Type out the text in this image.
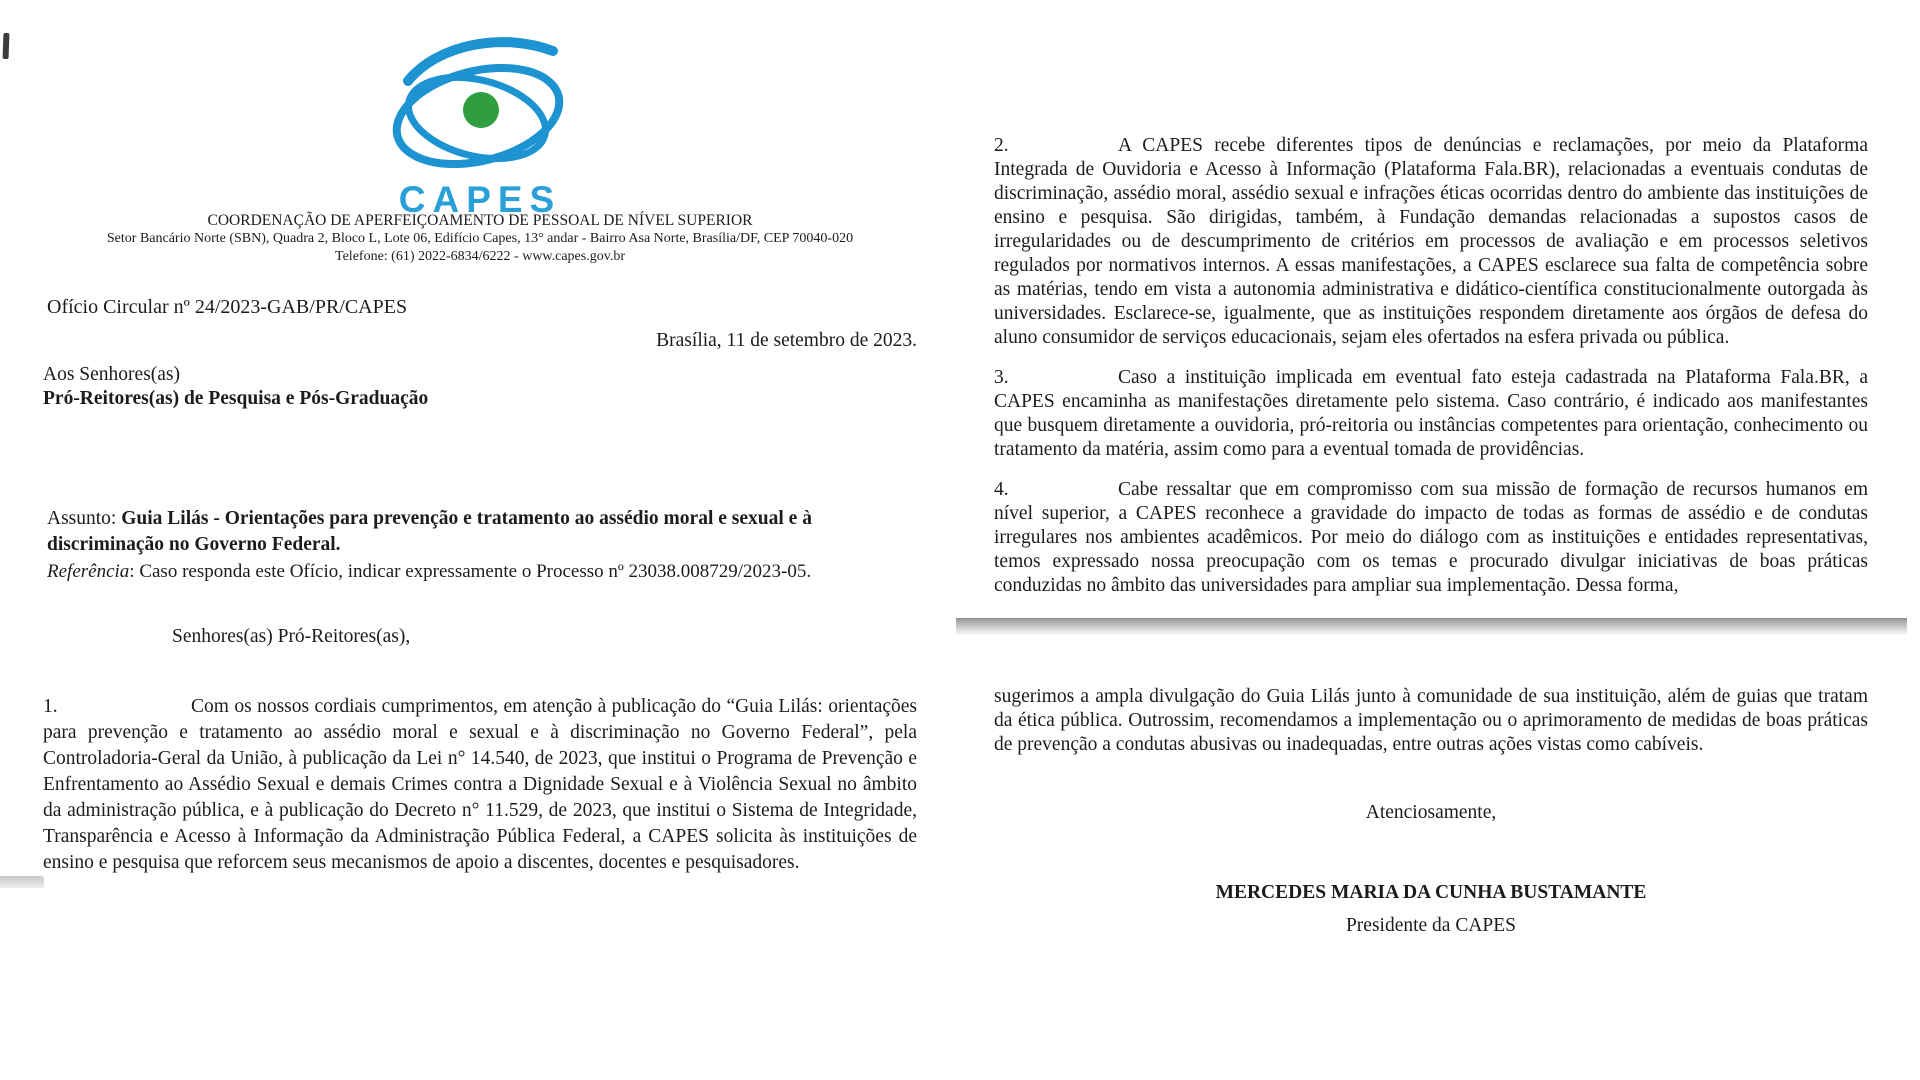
CAPES
COORDENAÇÃO DE APERFEIÇOAMENTO DE PESSOAL DE NÍVEL SUPERIOR
Setor Bancário Norte (SBN), Quadra 2, Bloco L, Lote 06, Edifício Capes, 13° andar - Bairro Asa Norte, Brasília/DF, CEP 70040-020
Telefone: (61) 2022-6834/6222 - www.capes.gov.br
Ofício Circular nº 24/2023-GAB/PR/CAPES
Brasília, 11 de setembro de 2023.
Aos Senhores(as)
Pró-Reitores(as) de Pesquisa e Pós-Graduação
Assunto: Guia Lilás - Orientações para prevenção e tratamento ao assédio moral e sexual e à discriminação no Governo Federal.
Referência: Caso responda este Ofício, indicar expressamente o Processo nº 23038.008729/2023-05.
Senhores(as) Pró-Reitores(as),

1.	Com os nossos cordiais cumprimentos, em atenção à publicação do “Guia Lilás: orientações para prevenção e tratamento ao assédio moral e sexual e à discriminação no Governo Federal”, pela Controladoria-Geral da União, à publicação da Lei n° 14.540, de 2023, que institui o Programa de Prevenção e Enfrentamento ao Assédio Sexual e demais Crimes contra a Dignidade Sexual e à Violência Sexual no âmbito da administração pública, e à publicação do Decreto n° 11.529, de 2023, que institui o Sistema de Integridade, Transparência e Acesso à Informação da Administração Pública Federal, a CAPES solicita às instituições de ensino e pesquisa que reforcem seus mecanismos de apoio a discentes, docentes e pesquisadores.

2.	A CAPES recebe diferentes tipos de denúncias e reclamações, por meio da Plataforma Integrada de Ouvidoria e Acesso à Informação (Plataforma Fala.BR), relacionadas a eventuais condutas de discriminação, assédio moral, assédio sexual e infrações éticas ocorridas dentro do ambiente das instituições de ensino e pesquisa. São dirigidas, também, à Fundação demandas relacionadas a supostos casos de irregularidades ou de descumprimento de critérios em processos de avaliação e em processos seletivos regulados por normativos internos. A essas manifestações, a CAPES esclarece sua falta de competência sobre as matérias, tendo em vista a autonomia administrativa e didático-científica constitucionalmente outorgada às universidades. Esclarece-se, igualmente, que as instituições respondem diretamente aos órgãos de defesa do aluno consumidor de serviços educacionais, sejam eles ofertados na esfera privada ou pública.

3.	Caso a instituição implicada em eventual fato esteja cadastrada na Plataforma Fala.BR, a CAPES encaminha as manifestações diretamente pelo sistema. Caso contrário, é indicado aos manifestantes que busquem diretamente a ouvidoria, pró-reitoria ou instâncias competentes para orientação, conhecimento ou tratamento da matéria, assim como para a eventual tomada de providências.

4.	Cabe ressaltar que em compromisso com sua missão de formação de recursos humanos em nível superior, a CAPES reconhece a gravidade do impacto de todas as formas de assédio e de condutas irregulares nos ambientes acadêmicos. Por meio do diálogo com as instituições e entidades representativas, temos expressado nossa preocupação com os temas e procurado divulgar iniciativas de boas práticas conduzidas no âmbito das universidades para ampliar sua implementação. Dessa forma,

sugerimos a ampla divulgação do Guia Lilás junto à comunidade de sua instituição, além de guias que tratam da ética pública. Outrossim, recomendamos a implementação ou o aprimoramento de medidas de boas práticas de prevenção a condutas abusivas ou inadequadas, entre outras ações vistas como cabíveis.

Atenciosamente,
MERCEDES MARIA DA CUNHA BUSTAMANTE
Presidente da CAPES
